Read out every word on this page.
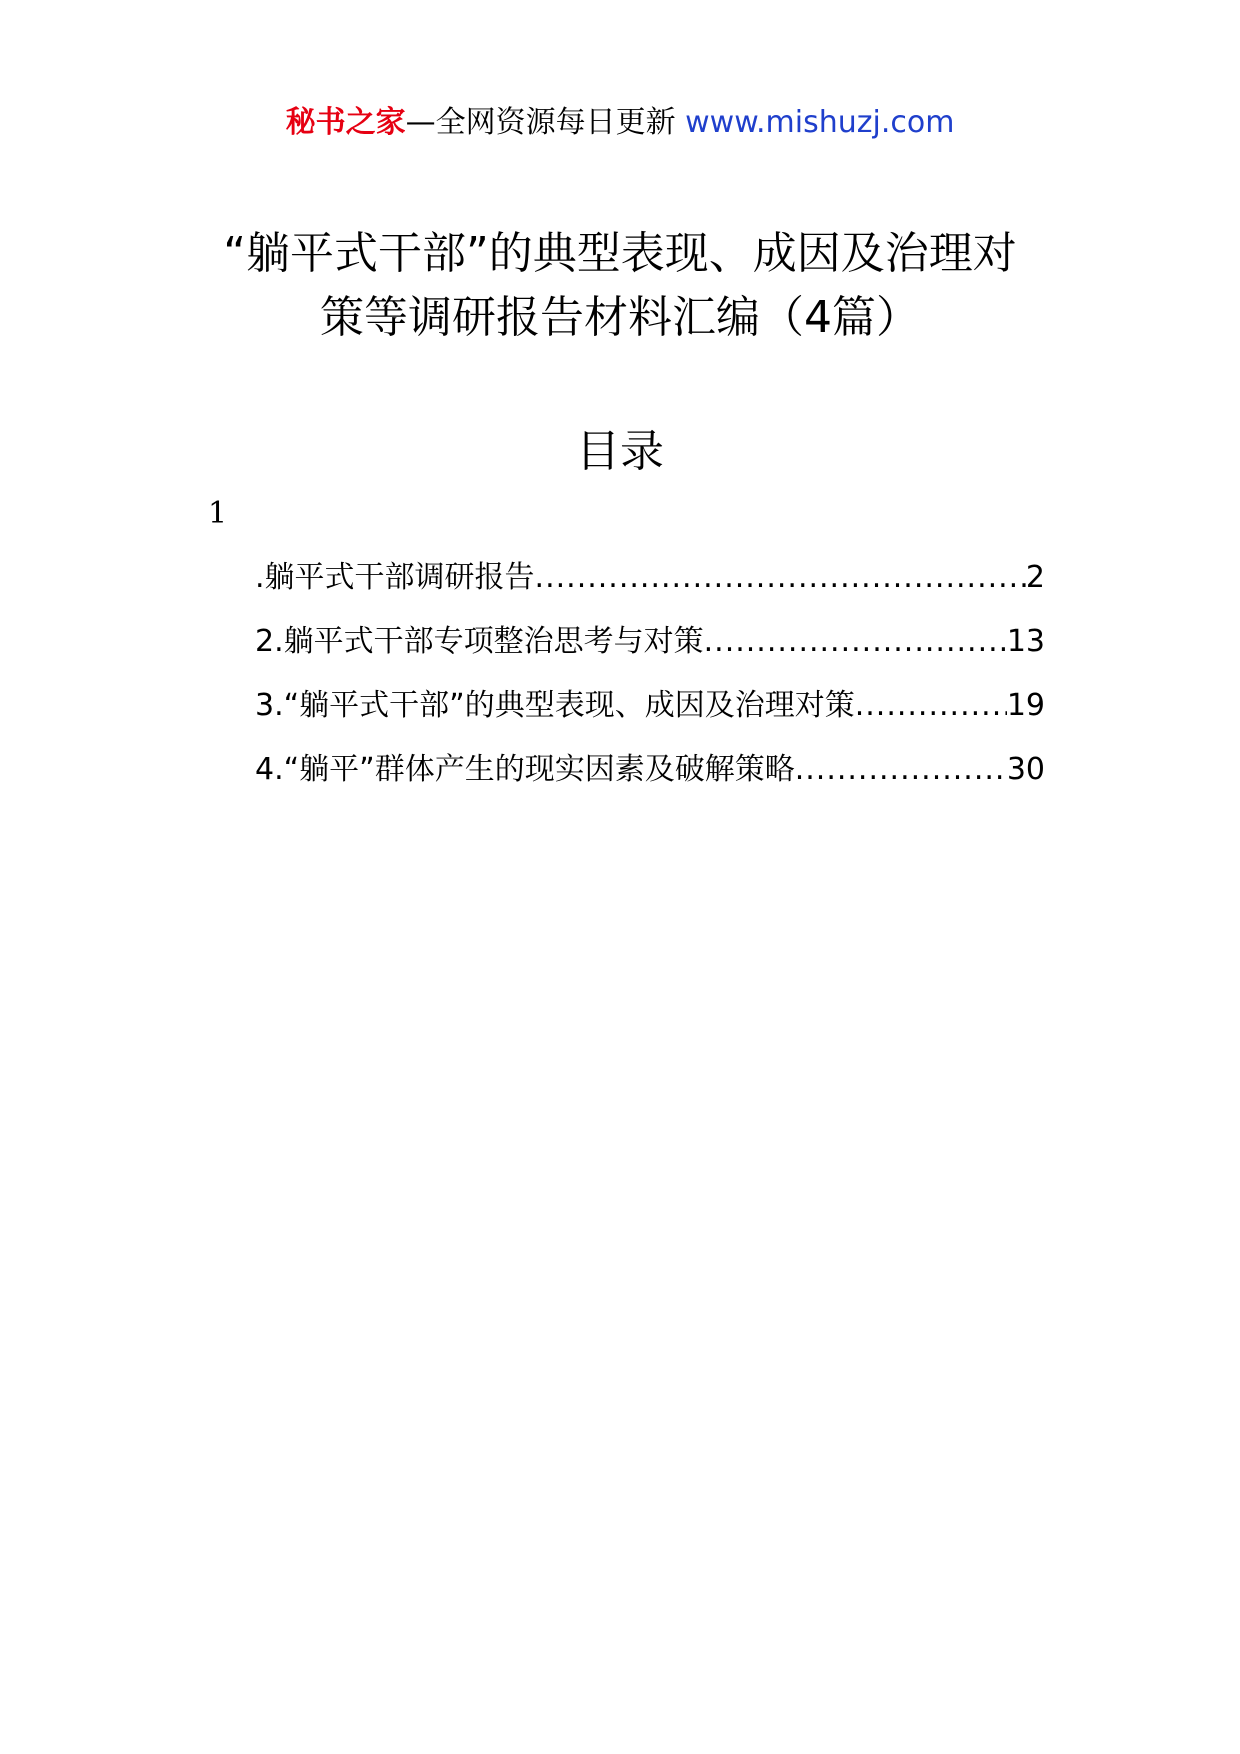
秘书之家—全网资源每日更新 www.mishuzj.com
“躺平式干部”的典型表现、成因及治理对
策等调研报告材料汇编（4篇）
目录
1
.躺平式干部调研报告 .....	2
2.躺平式干部专项整治思考与对策 .....	13
3.“躺平式干部”的典型表现、成因及治理对策 .....	19
4.“躺平”群体产生的现实因素及破解策略 .....	30
